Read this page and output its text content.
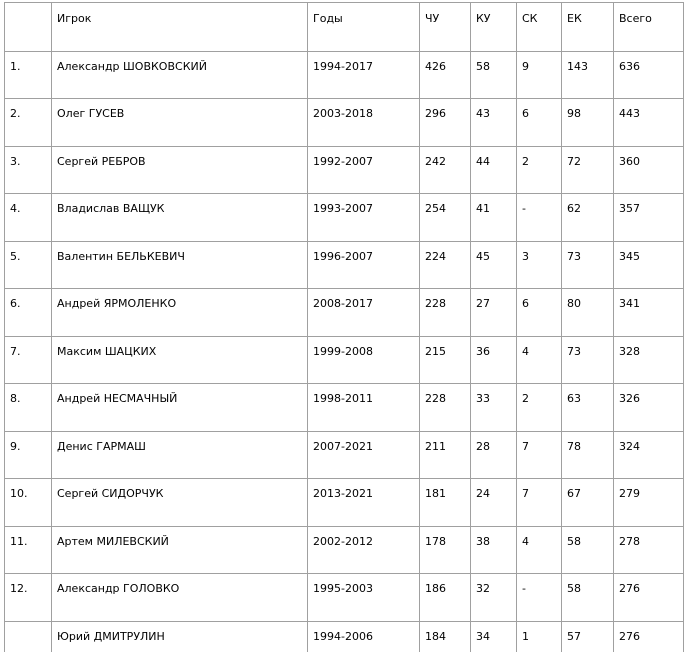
	Игрок	Годы	ЧУ	КУ	СК	ЕК	Всего
1.	Александр ШОВКОВСКИЙ	1994-2017	426	58	9	143	636
2.	Олег ГУСЕВ	2003-2018	296	43	6	98	443
3.	Сергей РЕБРОВ	1992-2007	242	44	2	72	360
4.	Владислав ВАЩУК	1993-2007	254	41	-	62	357
5.	Валентин БЕЛЬКЕВИЧ	1996-2007	224	45	3	73	345
6.	Андрей ЯРМОЛЕНКО	2008-2017	228	27	6	80	341
7.	Максим ШАЦКИХ	1999-2008	215	36	4	73	328
8.	Андрей НЕСМАЧНЫЙ	1998-2011	228	33	2	63	326
9.	Денис ГАРМАШ	2007-2021	211	28	7	78	324
10.	Сергей СИДОРЧУК	2013-2021	181	24	7	67	279
11.	Артем МИЛЕВСКИЙ	2002-2012	178	38	4	58	278
12.	Александр ГОЛОВКО	1995-2003	186	32	-	58	276
	Юрий ДМИТРУЛИН	1994-2006	184	34	1	57	276
